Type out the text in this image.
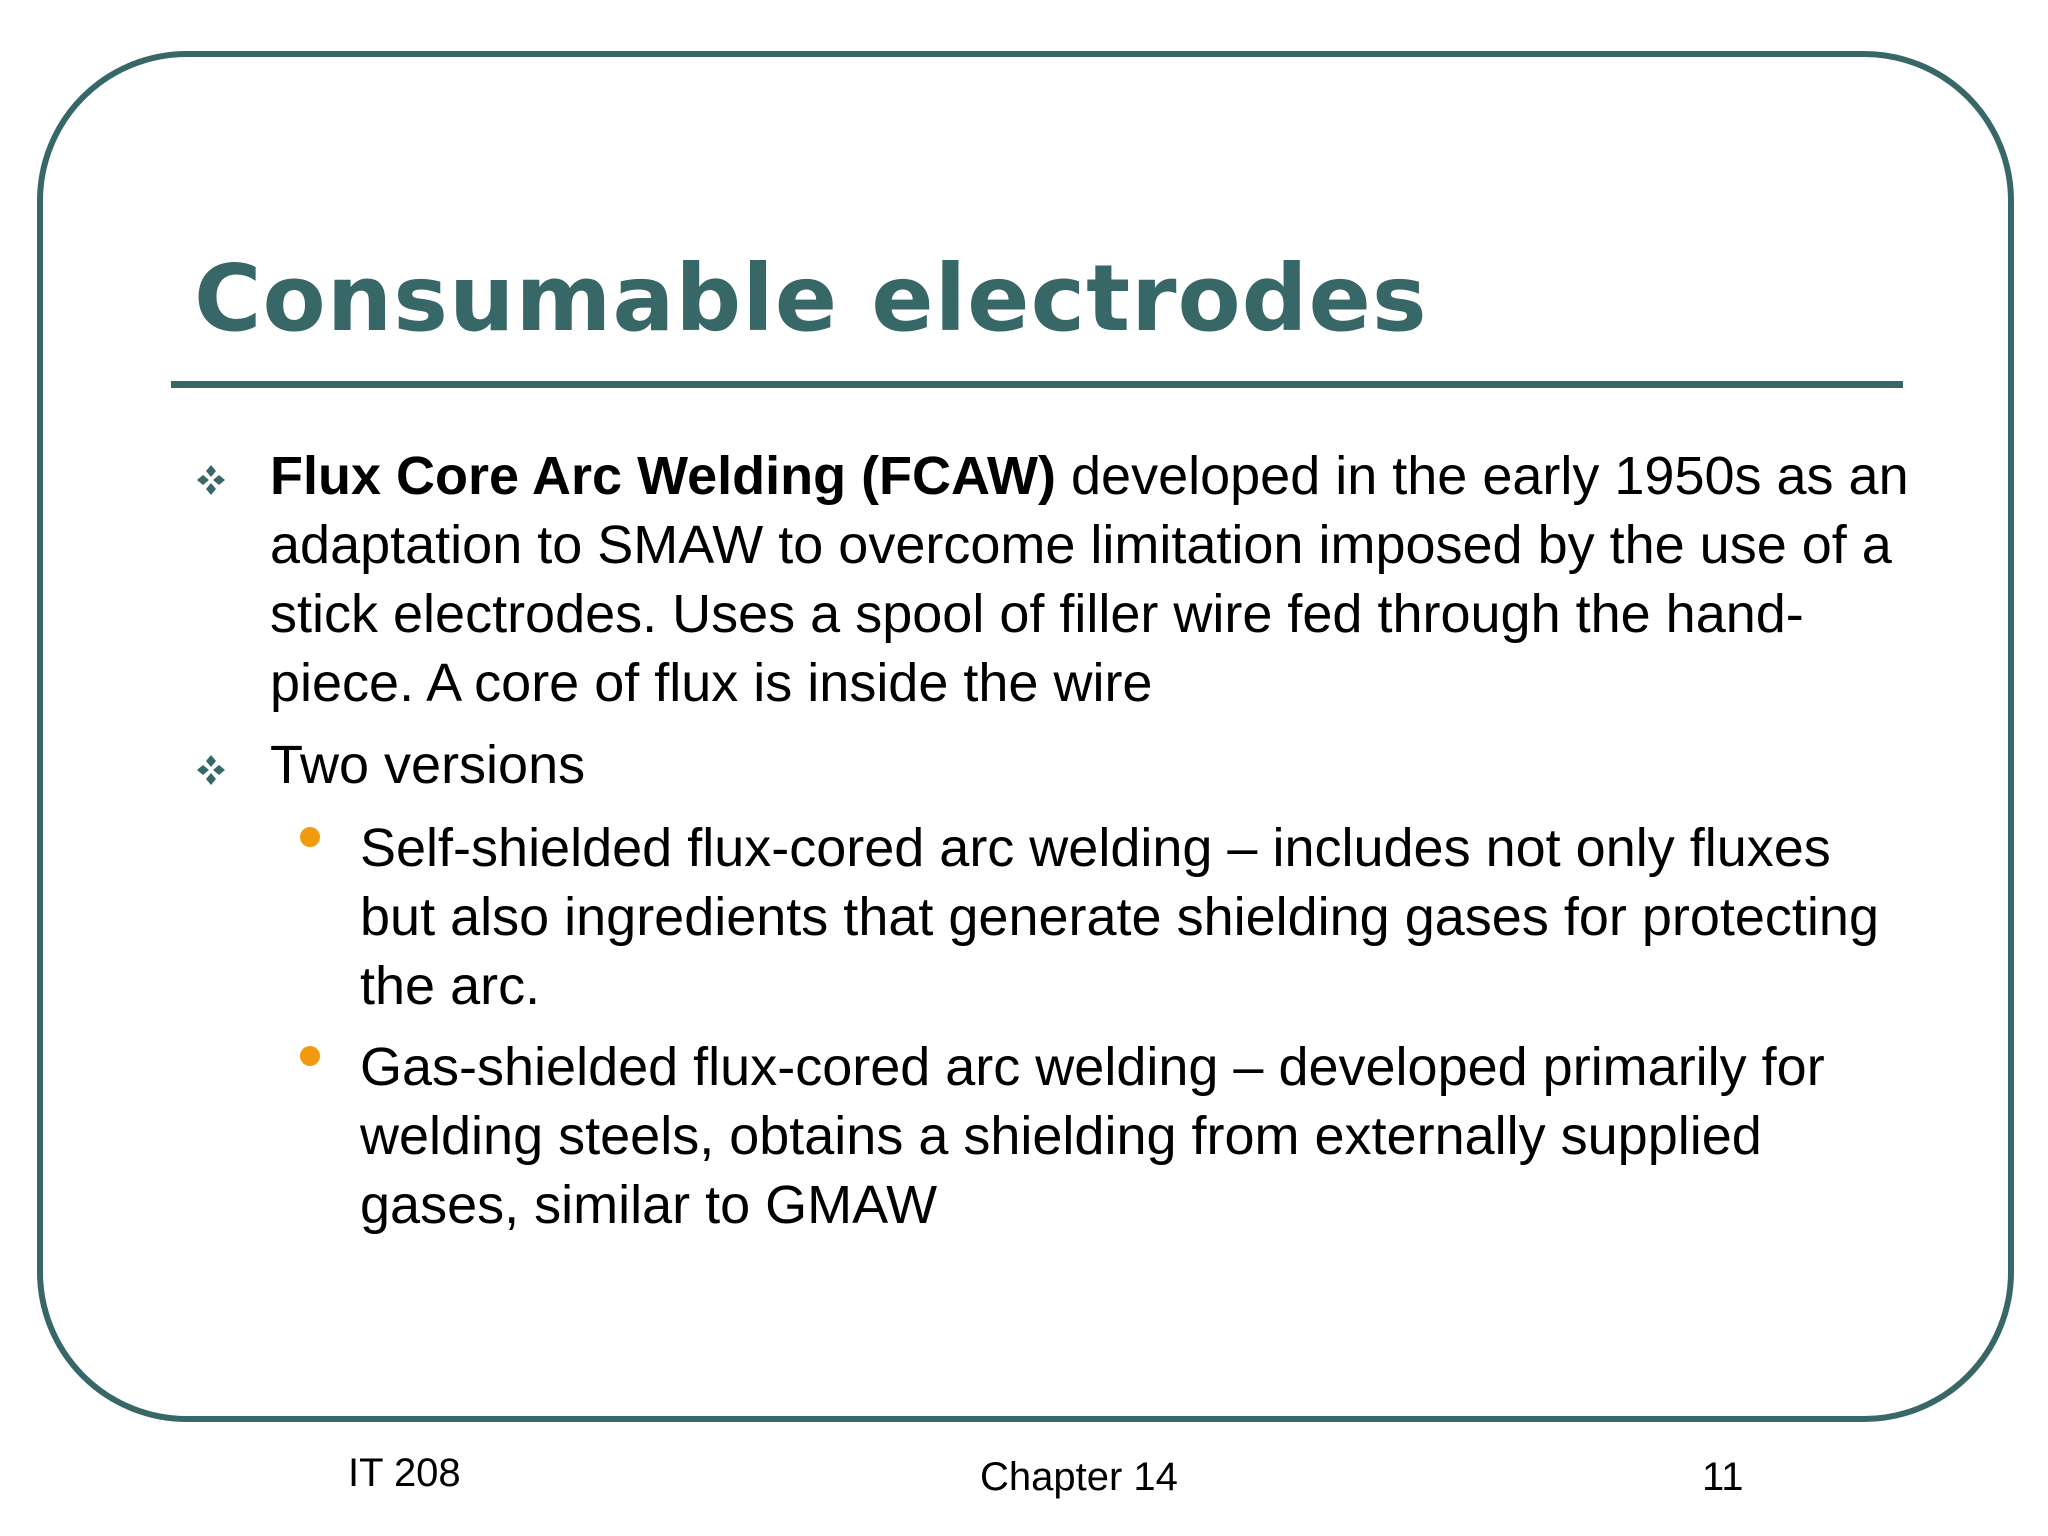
Consumable electrodes

Flux Core Arc Welding (FCAW) developed in the early 1950s as an adaptation to SMAW to overcome limitation imposed by the use of a stick electrodes. Uses a spool of filler wire fed through the hand-piece. A core of flux is inside the wire

Two versions

Self-shielded flux-cored arc welding – includes not only fluxes but also ingredients that generate shielding gases for protecting the arc.

Gas-shielded flux-cored arc welding – developed primarily for welding steels, obtains a shielding from externally supplied gases, similar to GMAW

IT 208	Chapter 14	11
